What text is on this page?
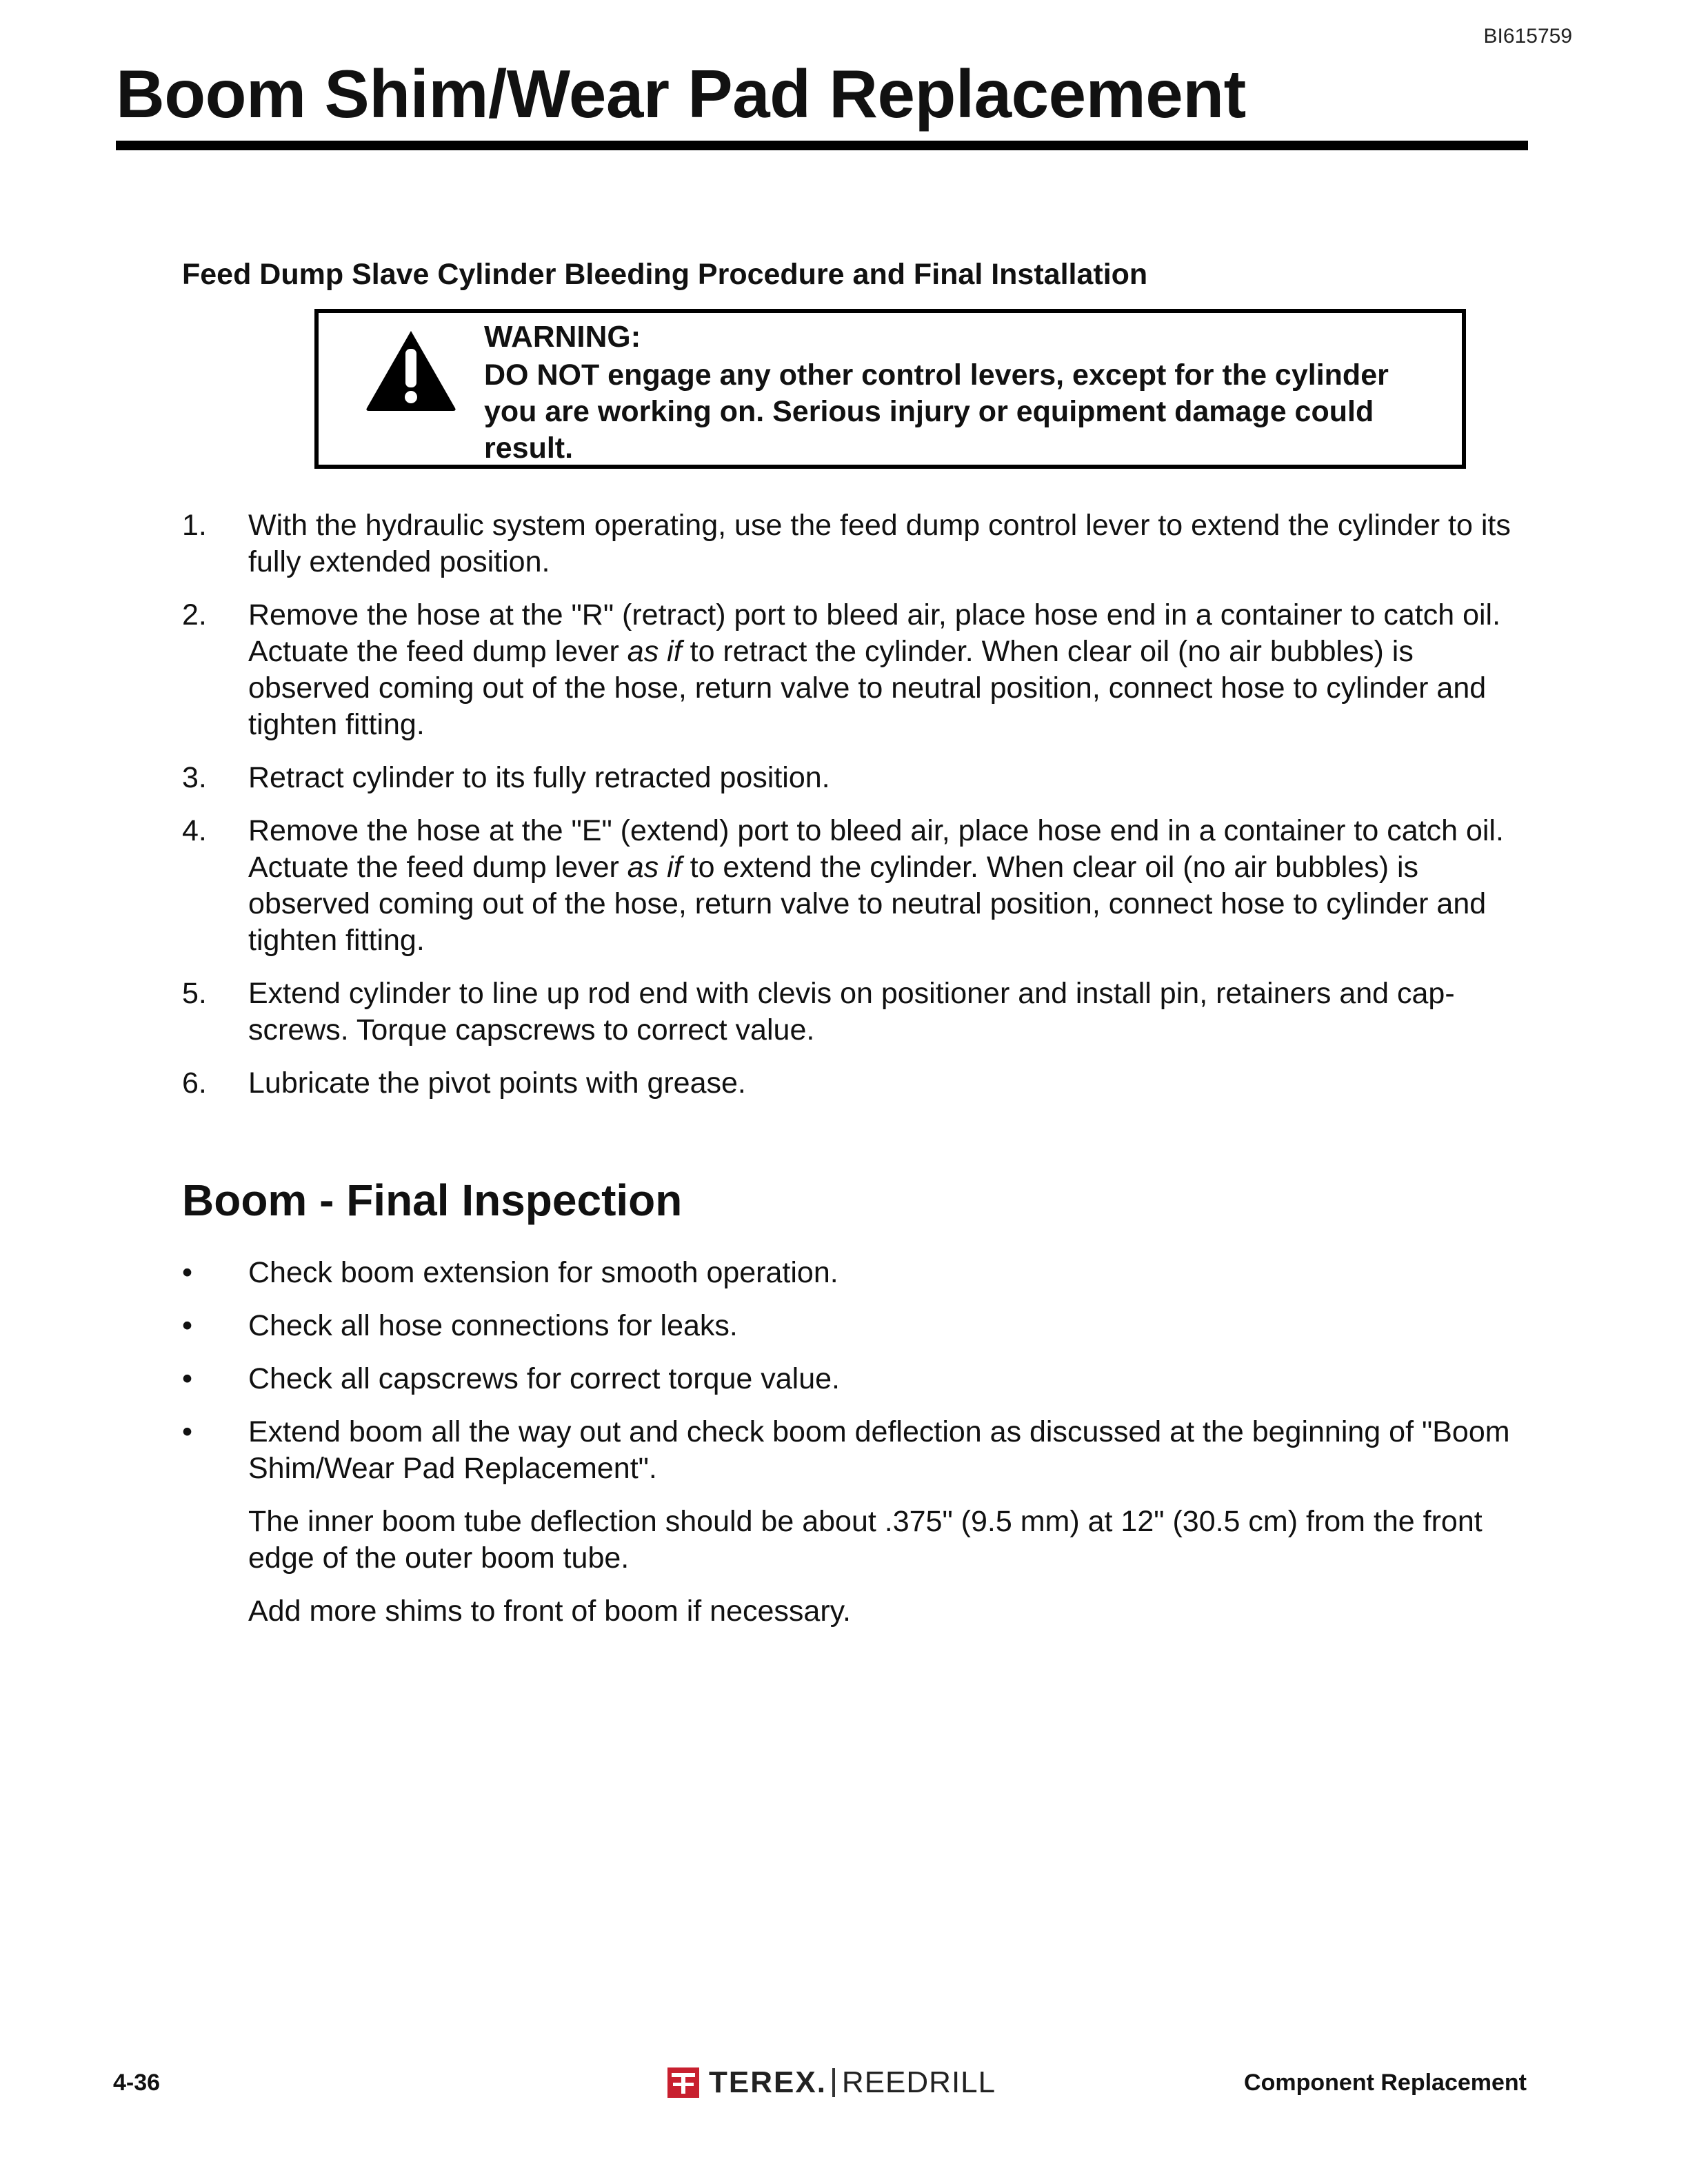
BI615759
Boom Shim/Wear Pad Replacement
Feed Dump Slave Cylinder Bleeding Procedure and Final Installation
WARNING:
DO NOT engage any other control levers, except for the cylinder you are working on. Serious injury or equipment damage could result.
1. With the hydraulic system operating, use the feed dump control lever to extend the cylinder to its fully extended position.
2. Remove the hose at the "R" (retract) port to bleed air, place hose end in a container to catch oil. Actuate the feed dump lever as if to retract the cylinder. When clear oil (no air bubbles) is observed coming out of the hose, return valve to neutral position, connect hose to cylinder and tighten fitting.
3. Retract cylinder to its fully retracted position.
4. Remove the hose at the "E" (extend) port to bleed air, place hose end in a container to catch oil. Actuate the feed dump lever as if to extend the cylinder. When clear oil (no air bubbles) is observed coming out of the hose, return valve to neutral position, connect hose to cylinder and tighten fitting.
5. Extend cylinder to line up rod end with clevis on positioner and install pin, retainers and cap-screws. Torque capscrews to correct value.
6. Lubricate the pivot points with grease.
Boom - Final Inspection
• Check boom extension for smooth operation.
• Check all hose connections for leaks.
• Check all capscrews for correct torque value.
• Extend boom all the way out and check boom deflection as discussed at the beginning of "Boom Shim/Wear Pad Replacement".

The inner boom tube deflection should be about .375" (9.5 mm) at 12" (30.5 cm) from the front edge of the outer boom tube.

Add more shims to front of boom if necessary.

4-36	TEREX. REEDRILL	Component Replacement
